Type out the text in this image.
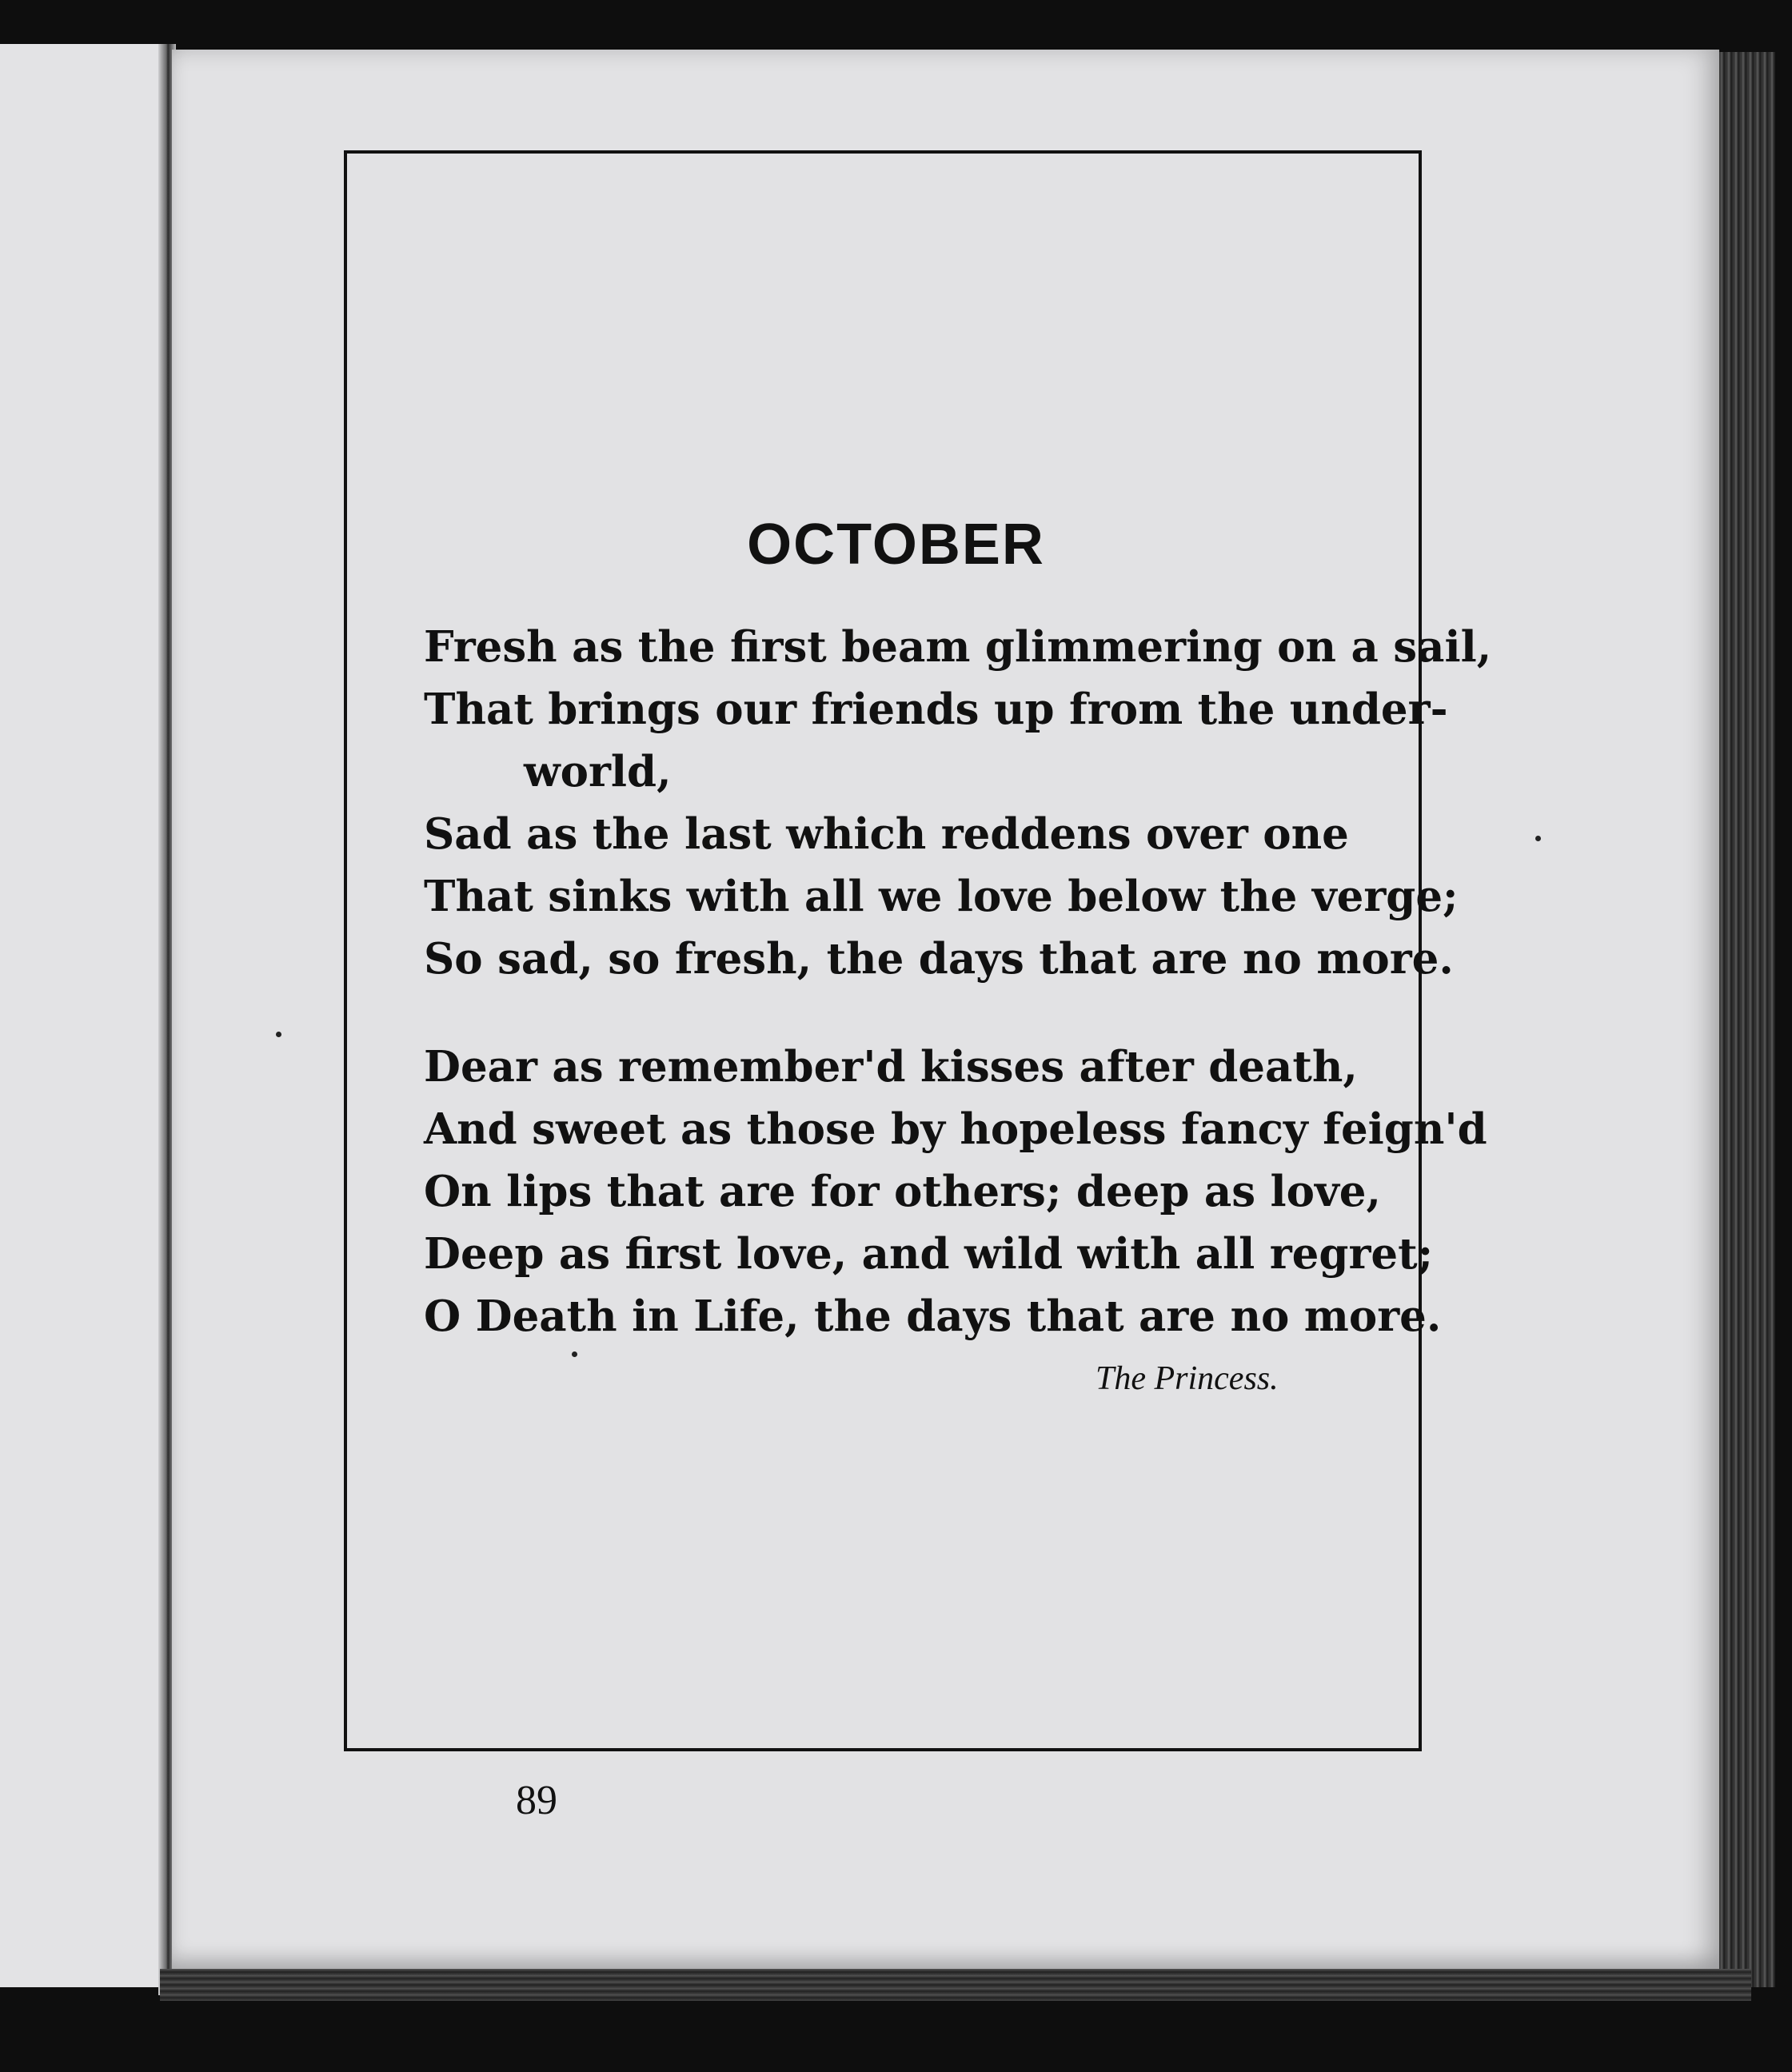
OCTOBER
Fresh as the first beam glimmering on a sail,
That brings our friends up from the under-
world,
Sad as the last which reddens over one
That sinks with all we love below the verge;
So sad, so fresh, the days that are no more.
Dear as remember'd kisses after death,
And sweet as those by hopeless fancy feign'd
On lips that are for others; deep as love,
Deep as first love, and wild with all regret;
O Death in Life, the days that are no more.
The Princess.
89
